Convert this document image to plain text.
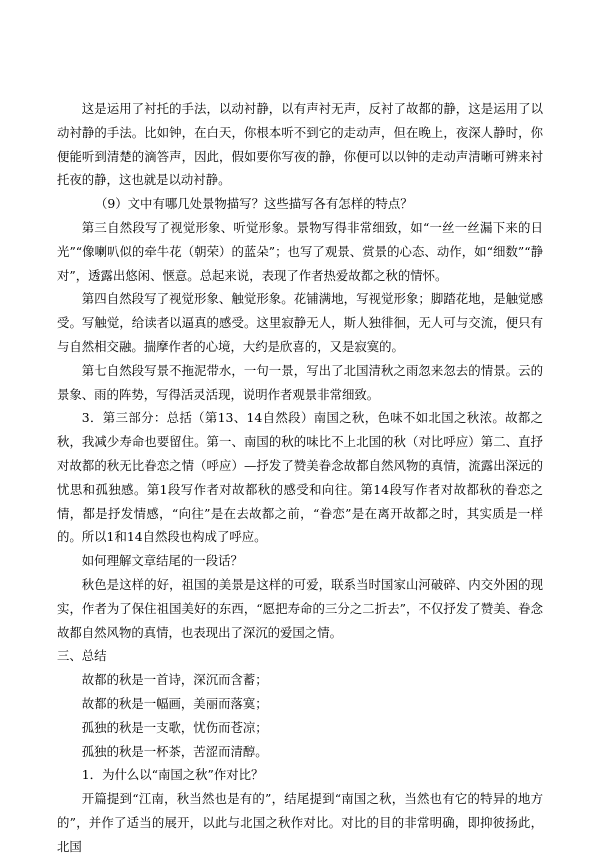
这是运用了衬托的手法，以动衬静，以有声衬无声，反衬了故都的静，这是运用了以动衬静的手法。比如钟，在白天，你根本听不到它的走动声，但在晚上，夜深人静时，你便能听到清楚的滴答声，因此，假如要你写夜的静，你便可以以钟的走动声清晰可辨来衬托夜的静，这也就是以动衬静。

（9）文中有哪几处景物描写？这些描写各有怎样的特点？

第三自然段写了视觉形象、听觉形象。景物写得非常细致，如“一丝一丝漏下来的日光”“像喇叭似的牵牛花（朝荣）的蓝朵”；也写了观景、赏景的心态、动作，如“细数”“静对”，透露出悠闲、惬意。总起来说，表现了作者热爱故都之秋的情怀。

第四自然段写了视觉形象、触觉形象。花铺满地，写视觉形象；脚踏花地，是触觉感受。写触觉，给读者以逼真的感受。这里寂静无人，斯人独徘徊，无人可与交流，便只有与自然相交融。揣摩作者的心境，大约是欣喜的，又是寂寞的。

第七自然段写景不拖泥带水，一句一景，写出了北国清秋之雨忽来忽去的情景。云的景象、雨的阵势，写得活灵活现，说明作者观景非常细致。

3．第三部分：总括（第13、14自然段）南国之秋，色味不如北国之秋浓。故都之秋，我减少寿命也要留住。第一、南国的秋的味比不上北国的秋（对比呼应）第二、直抒对故都的秋无比眷恋之情（呼应）—抒发了赞美眷念故都自然风物的真情，流露出深远的忧思和孤独感。第1段写作者对故都秋的感受和向往。第14段写作者对故都秋的眷恋之情，都是抒发情感，“向往”是在去故都之前，“眷恋”是在离开故都之时，其实质是一样的。所以1和14自然段也构成了呼应。

如何理解文章结尾的一段话？

秋色是这样的好，祖国的美景是这样的可爱，联系当时国家山河破碎、内交外困的现实，作者为了保住祖国美好的东西，“愿把寿命的三分之二折去”，不仅抒发了赞美、眷念故都自然风物的真情，也表现出了深沉的爱国之情。

三、总结

故都的秋是一首诗，深沉而含蓄；

故都的秋是一幅画，美丽而落寞；

孤独的秋是一支歌，忧伤而苍凉；

孤独的秋是一杯茶，苦涩而清醇。

1．为什么以“南国之秋”作对比？

开篇提到“江南，秋当然也是有的”，结尾提到“南国之秋，当然也有它的特异的地方的”，并作了适当的展开，以此与北国之秋作对比。对比的目的非常明确，即抑彼扬此，北国
